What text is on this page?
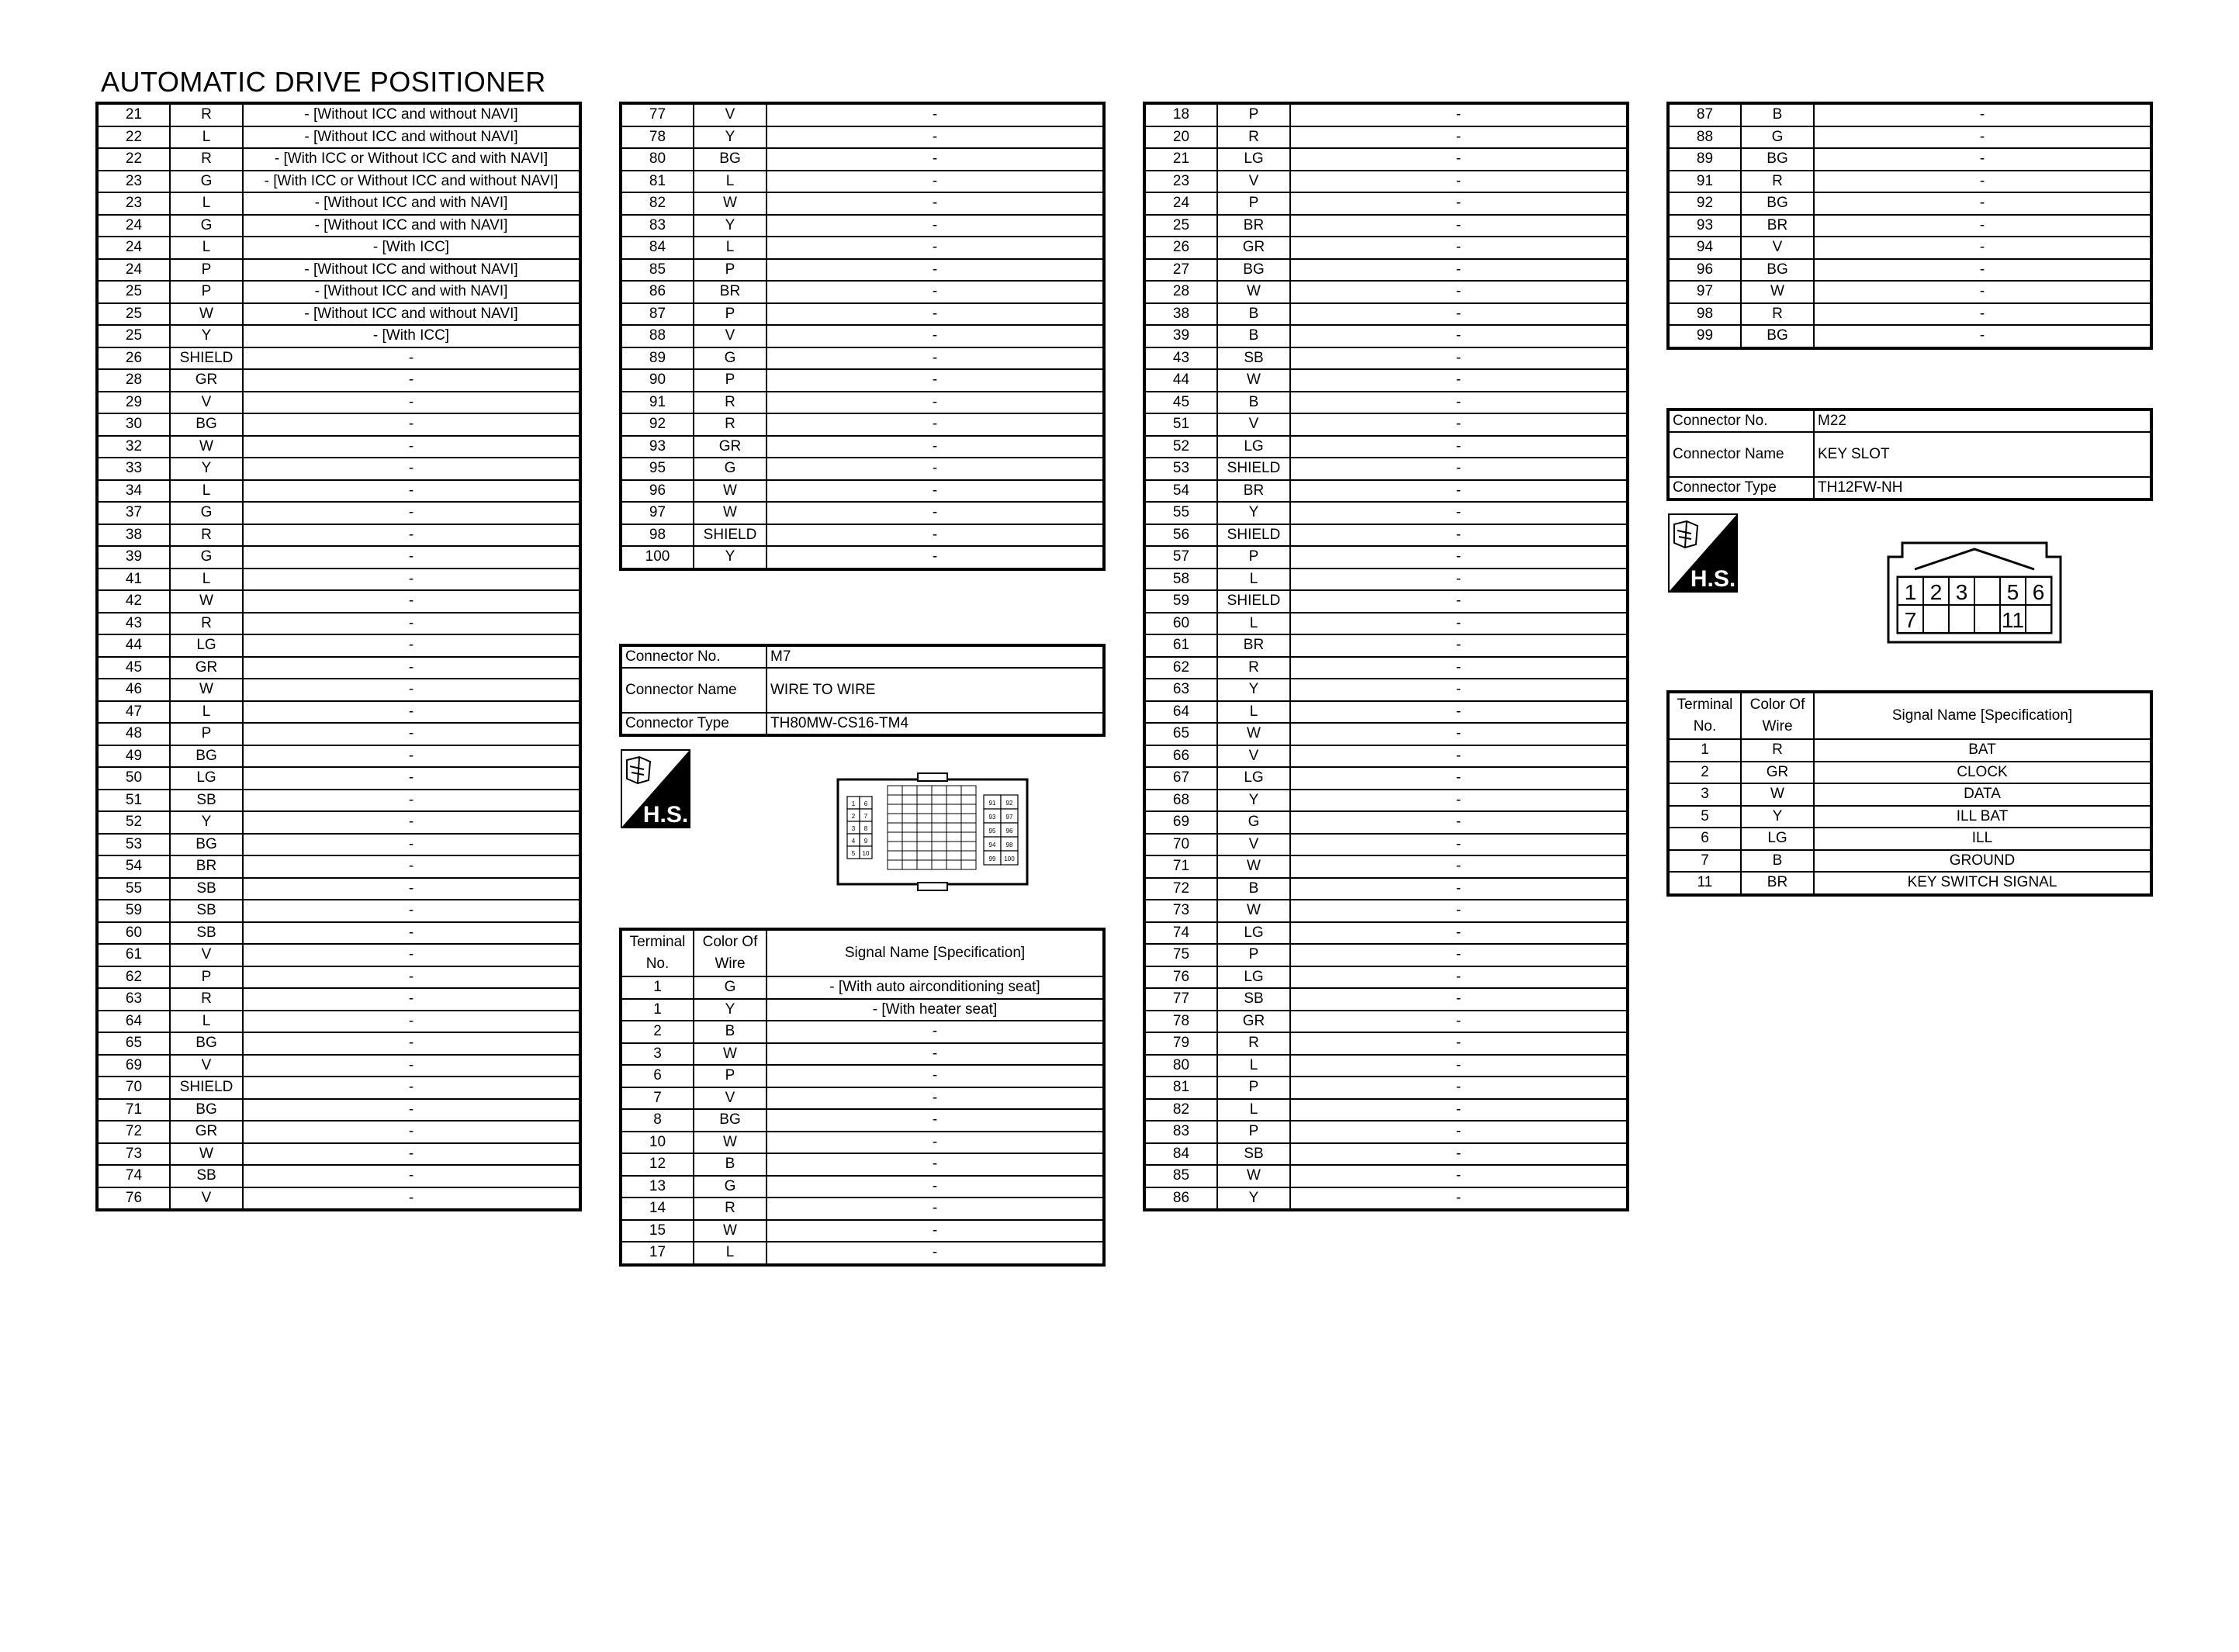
AUTOMATIC DRIVE POSITIONER
21	R	- [Without ICC and without NAVI]
22	L	- [Without ICC and without NAVI]
22	R	- [With ICC or Without ICC and with NAVI]
23	G	- [With ICC or Without ICC and without NAVI]
23	L	- [Without ICC and with NAVI]
24	G	- [Without ICC and with NAVI]
24	L	- [With ICC]
24	P	- [Without ICC and without NAVI]
25	P	- [Without ICC and with NAVI]
25	W	- [Without ICC and without NAVI]
25	Y	- [With ICC]
26	SHIELD	-
28	GR	-
29	V	-
30	BG	-
32	W	-
33	Y	-
34	L	-
37	G	-
38	R	-
39	G	-
41	L	-
42	W	-
43	R	-
44	LG	-
45	GR	-
46	W	-
47	L	-
48	P	-
49	BG	-
50	LG	-
51	SB	-
52	Y	-
53	BG	-
54	BR	-
55	SB	-
59	SB	-
60	SB	-
61	V	-
62	P	-
63	R	-
64	L	-
65	BG	-
69	V	-
70	SHIELD	-
71	BG	-
72	GR	-
73	W	-
74	SB	-
76	V	-
77	V	-
78	Y	-
80	BG	-
81	L	-
82	W	-
83	Y	-
84	L	-
85	P	-
86	BR	-
87	P	-
88	V	-
89	G	-
90	P	-
91	R	-
92	R	-
93	GR	-
95	G	-
96	W	-
97	W	-
98	SHIELD	-
100	Y	-
Connector No.	M7
Connector Name	WIRE TO WIRE
Connector Type	TH80MW-CS16-TM4
H.S.	1 6
2 7
3 8
4 9
5 10
91 92
93 97
95 96
94 98
99 100
Terminal No.	Color Of Wire	Signal Name [Specification]
1	G	- [With auto airconditioning seat]
1	Y	- [With heater seat]
2	B	-
3	W	-
6	P	-
7	V	-
8	BG	-
10	W	-
12	B	-
13	G	-
14	R	-
15	W	-
17	L	-
18	P	-
20	R	-
21	LG	-
23	V	-
24	P	-
25	BR	-
26	GR	-
27	BG	-
28	W	-
38	B	-
39	B	-
43	SB	-
44	W	-
45	B	-
51	V	-
52	LG	-
53	SHIELD	-
54	BR	-
55	Y	-
56	SHIELD	-
57	P	-
58	L	-
59	SHIELD	-
60	L	-
61	BR	-
62	R	-
63	Y	-
64	L	-
65	W	-
66	V	-
67	LG	-
68	Y	-
69	G	-
70	V	-
71	W	-
72	B	-
73	W	-
74	LG	-
75	P	-
76	LG	-
77	SB	-
78	GR	-
79	R	-
80	L	-
81	P	-
82	L	-
83	P	-
84	SB	-
85	W	-
86	Y	-
87	B	-
88	G	-
89	BG	-
91	R	-
92	BG	-
93	BR	-
94	V	-
96	BG	-
97	W	-
98	R	-
99	BG	-
Connector No.	M22
Connector Name	KEY SLOT
Connector Type	TH12FW-NH
H.S.
1 2 3 5 6
7	11
Terminal No.	Color Of Wire	Signal Name [Specification]
1	R	BAT
2	GR	CLOCK
3	W	DATA
5	Y	ILL BAT
6	LG	ILL
7	B	GROUND
11	BR	KEY SWITCH SIGNAL
